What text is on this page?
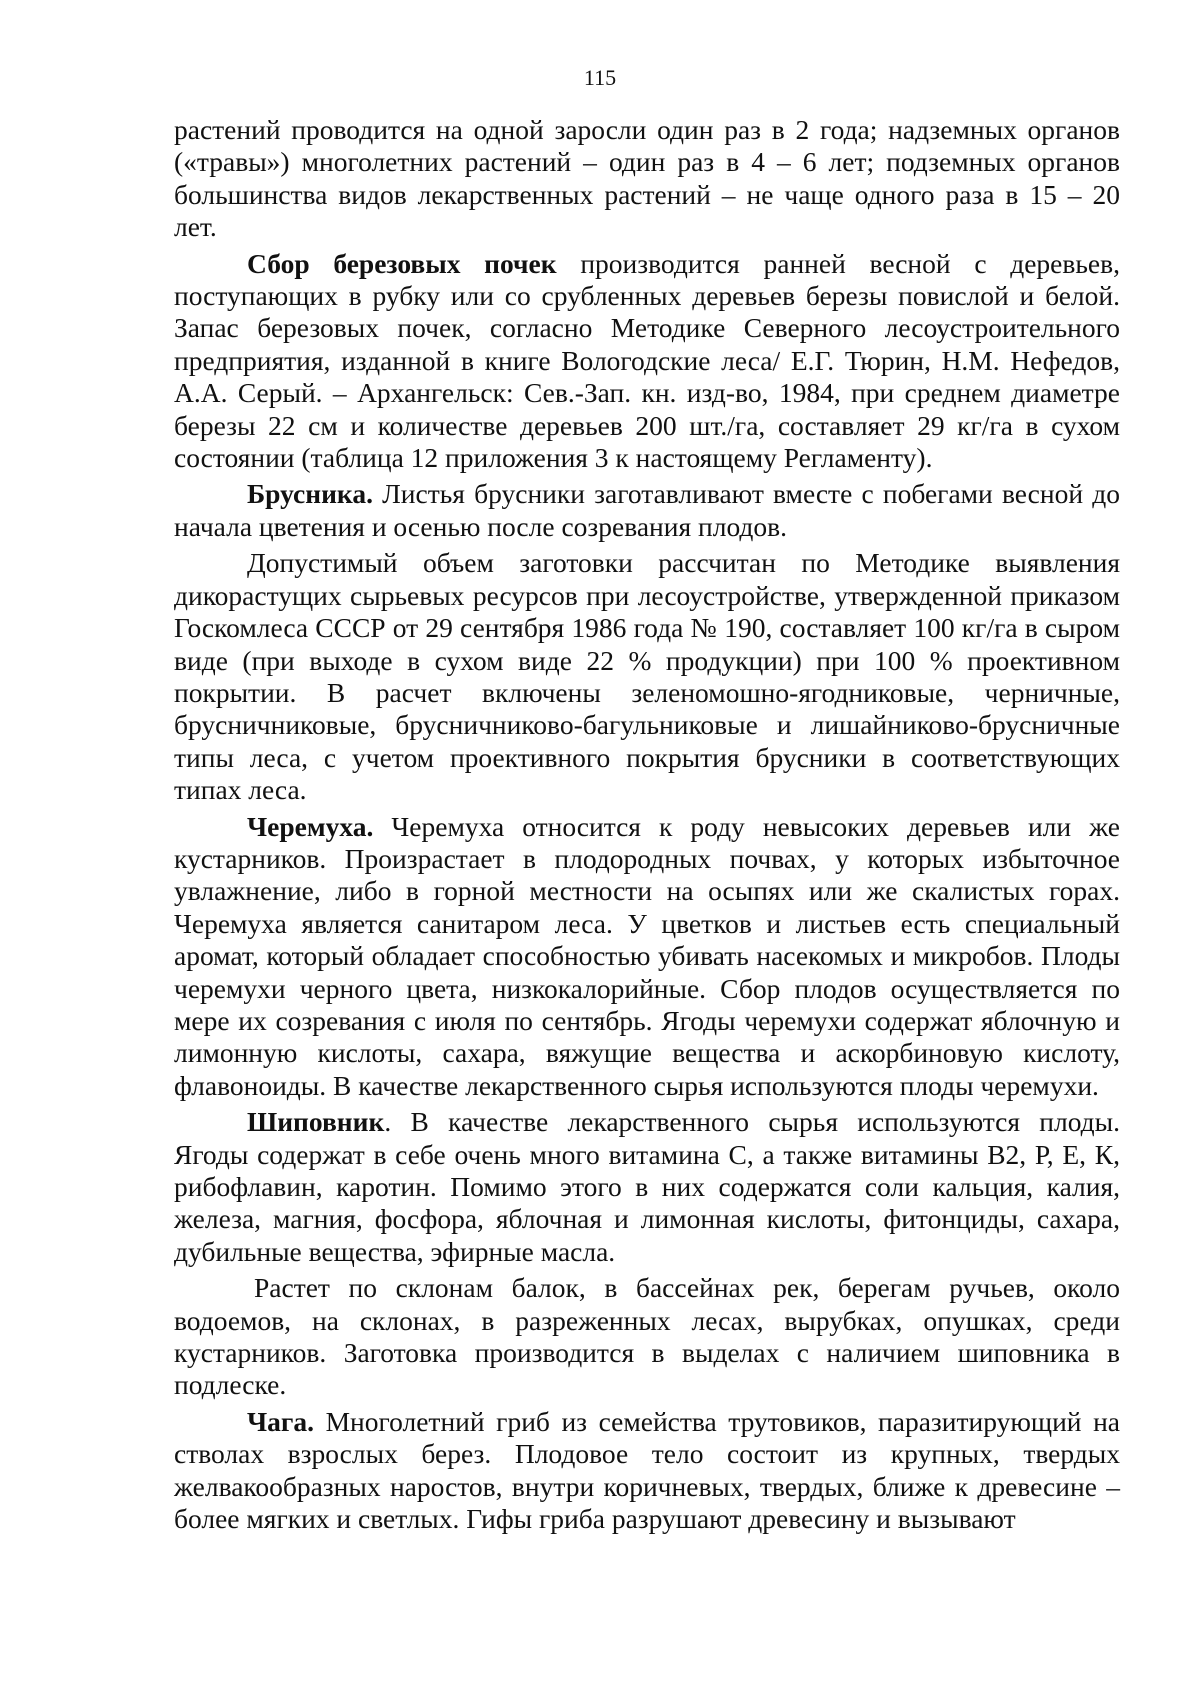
115

растений проводится на одной заросли один раз в 2 года; надземных органов («травы») многолетних растений – один раз в 4 – 6 лет; подземных органов большинства видов лекарственных растений – не чаще одного раза в 15 – 20 лет.

Сбор березовых почек производится ранней весной с деревьев, поступающих в рубку или со срубленных деревьев березы повислой и белой. Запас березовых почек, согласно Методике Северного лесоустроительного предприятия, изданной в книге Вологодские леса/ Е.Г. Тюрин, Н.М. Нефедов, А.А. Серый. – Архангельск: Сев.-Зап. кн. изд-во, 1984, при среднем диаметре березы 22 см и количестве деревьев 200 шт./га, составляет 29 кг/га в сухом состоянии (таблица 12 приложения 3 к настоящему Регламенту).

Брусника. Листья брусники заготавливают вместе с побегами весной до начала цветения и осенью после созревания плодов.

Допустимый объем заготовки рассчитан по Методике выявления дикорастущих сырьевых ресурсов при лесоустройстве, утвержденной приказом Госкомлеса СССР от 29 сентября 1986 года № 190, составляет 100 кг/га в сыром виде (при выходе в сухом виде 22 % продукции) при 100 % проективном покрытии. В расчет включены зеленомошно-ягодниковые, черничные, брусничниковые, брусничниково-багульниковые и лишайниково-брусничные типы леса, с учетом проективного покрытия брусники в соответствующих типах леса.

Черемуха. Черемуха относится к роду невысоких деревьев или же кустарников. Произрастает в плодородных почвах, у которых избыточное увлажнение, либо в горной местности на осыпях или же скалистых горах. Черемуха является санитаром леса. У цветков и листьев есть специальный аромат, который обладает способностью убивать насекомых и микробов. Плоды черемухи черного цвета, низкокалорийные. Сбор плодов осуществляется по мере их созревания с июля по сентябрь. Ягоды черемухи содержат яблочную и лимонную кислоты, сахара, вяжущие вещества и аскорбиновую кислоту, флавоноиды. В качестве лекарственного сырья используются плоды черемухи.

Шиповник. В качестве лекарственного сырья используются плоды. Ягоды содержат в себе очень много витамина С, а также витамины В2, Р, Е, К, рибофлавин, каротин. Помимо этого в них содержатся соли кальция, калия, железа, магния, фосфора, яблочная и лимонная кислоты, фитонциды, сахара, дубильные вещества, эфирные масла.

Растет по склонам балок, в бассейнах рек, берегам ручьев, около водоемов, на склонах, в разреженных лесах, вырубках, опушках, среди кустарников. Заготовка производится в выделах с наличием шиповника в подлеске.

Чага. Многолетний гриб из семейства трутовиков, паразитирующий на стволах взрослых берез. Плодовое тело состоит из крупных, твердых желвакообразных наростов, внутри коричневых, твердых, ближе к древесине – более мягких и светлых. Гифы гриба разрушают древесину и вызывают
